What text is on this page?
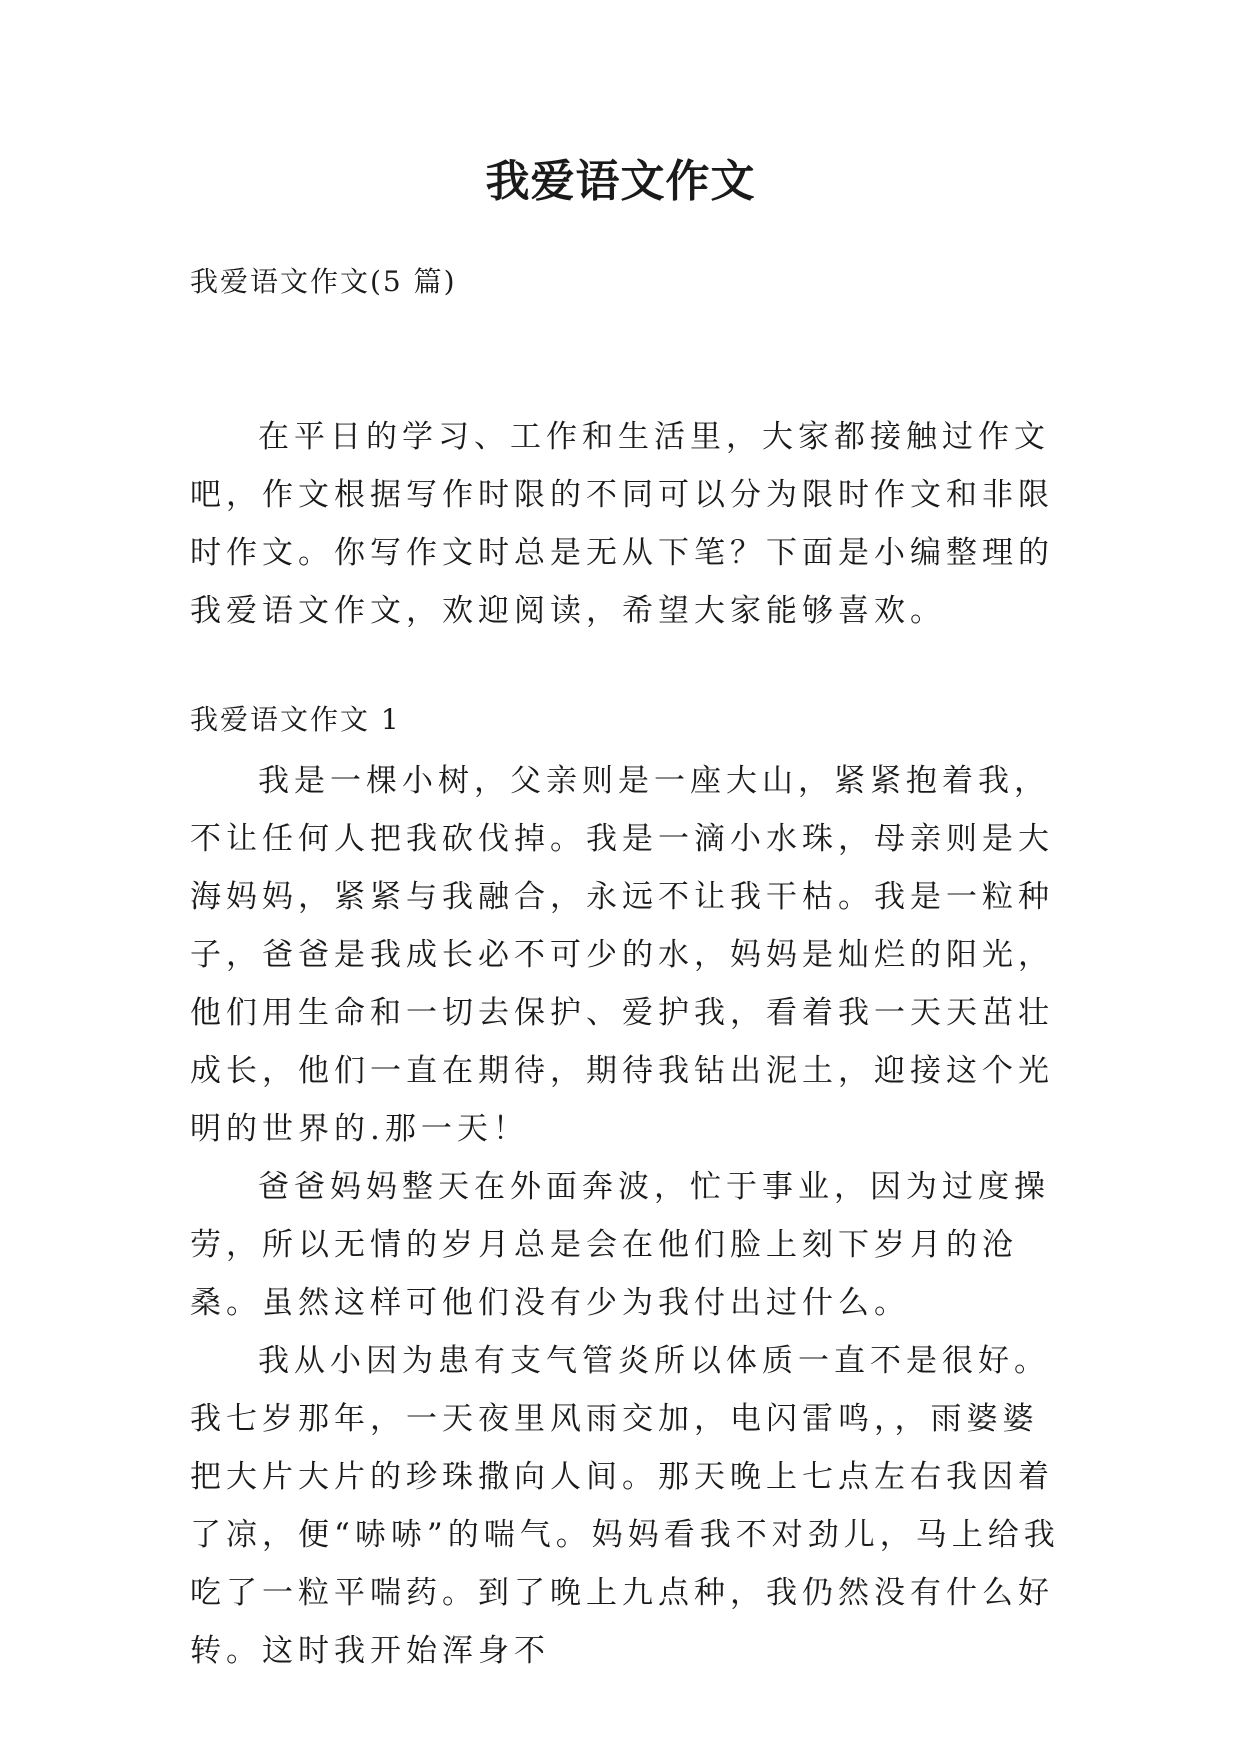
我爱语文作文
我爱语文作文(5 篇)

在平日的学习、工作和生活里，大家都接触过作文吧，作文根据写作时限的不同可以分为限时作文和非限时作文。你写作文时总是无从下笔？下面是小编整理的我爱语文作文，欢迎阅读，希望大家能够喜欢。

我爱语文作文 1

我是一棵小树，父亲则是一座大山，紧紧抱着我，不让任何人把我砍伐掉。我是一滴小水珠，母亲则是大海妈妈，紧紧与我融合，永远不让我干枯。我是一粒种子，爸爸是我成长必不可少的水，妈妈是灿烂的阳光，他们用生命和一切去保护、爱护我，看着我一天天茁壮成长，他们一直在期待，期待我钻出泥土，迎接这个光明的世界的.那一天！

爸爸妈妈整天在外面奔波，忙于事业，因为过度操劳，所以无情的岁月总是会在他们脸上刻下岁月的沧桑。虽然这样可他们没有少为我付出过什么。

我从小因为患有支气管炎所以体质一直不是很好。我七岁那年，一天夜里风雨交加，电闪雷鸣，，雨婆婆把大片大片的珍珠撒向人间。那天晚上七点左右我因着了凉，便“哧哧”的喘气。妈妈看我不对劲儿，马上给我吃了一粒平喘药。到了晚上九点种，我仍然没有什么好转。这时我开始浑身不
